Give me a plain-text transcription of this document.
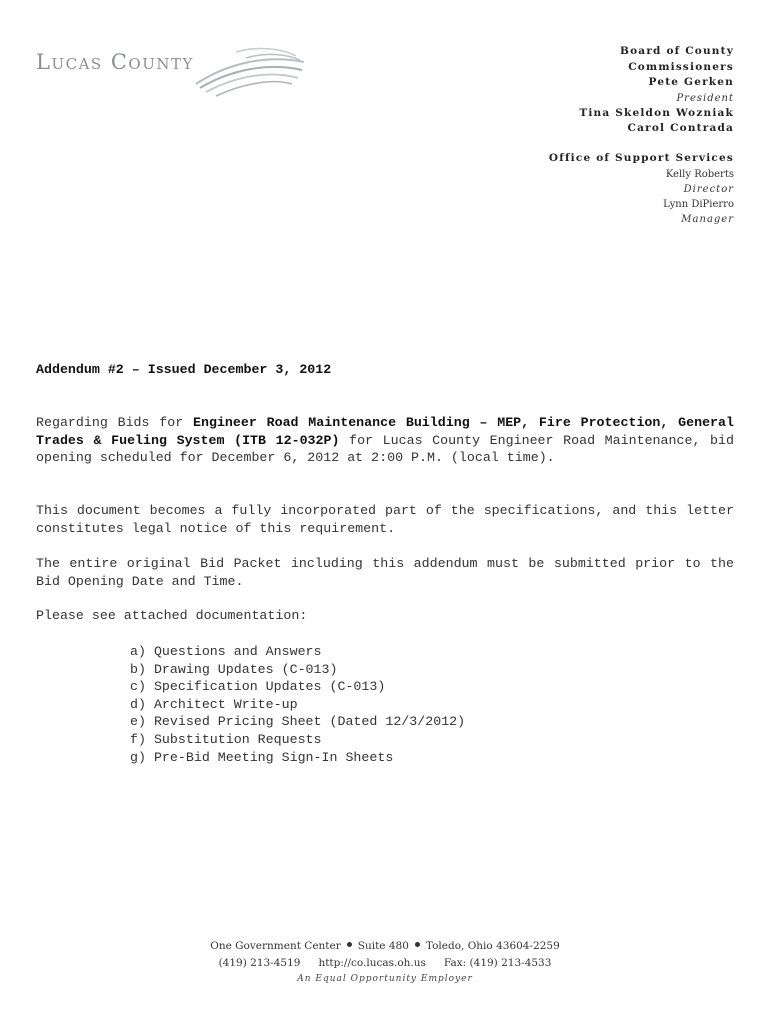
Lucas County	Board of County
Commissioners
Pete Gerken
President
Tina Skeldon Wozniak
Carol Contrada
Office of Support Services
Kelly Roberts
Director
Lynn DiPierro
Manager
Addendum #2 – Issued December 3, 2012
Regarding Bids for Engineer Road Maintenance Building – MEP, Fire Protection, General Trades & Fueling System (ITB 12-032P) for Lucas County Engineer Road Maintenance, bid opening scheduled for December 6, 2012 at 2:00 P.M. (local time).
This document becomes a fully incorporated part of the specifications, and this letter constitutes legal notice of this requirement.
The entire original Bid Packet including this addendum must be submitted prior to the Bid Opening Date and Time.
Please see attached documentation:
a) Questions and Answers
b) Drawing Updates (C-013)
c) Specification Updates (C-013)
d) Architect Write-up
e) Revised Pricing Sheet (Dated 12/3/2012)
f) Substitution Requests
g) Pre-Bid Meeting Sign-In Sheets
One Government Center Suite 480 Toledo, Ohio 43604-2259
(419) 213-4519 http://co.lucas.oh.us Fax: (419) 213-4533
An Equal Opportunity Employer
